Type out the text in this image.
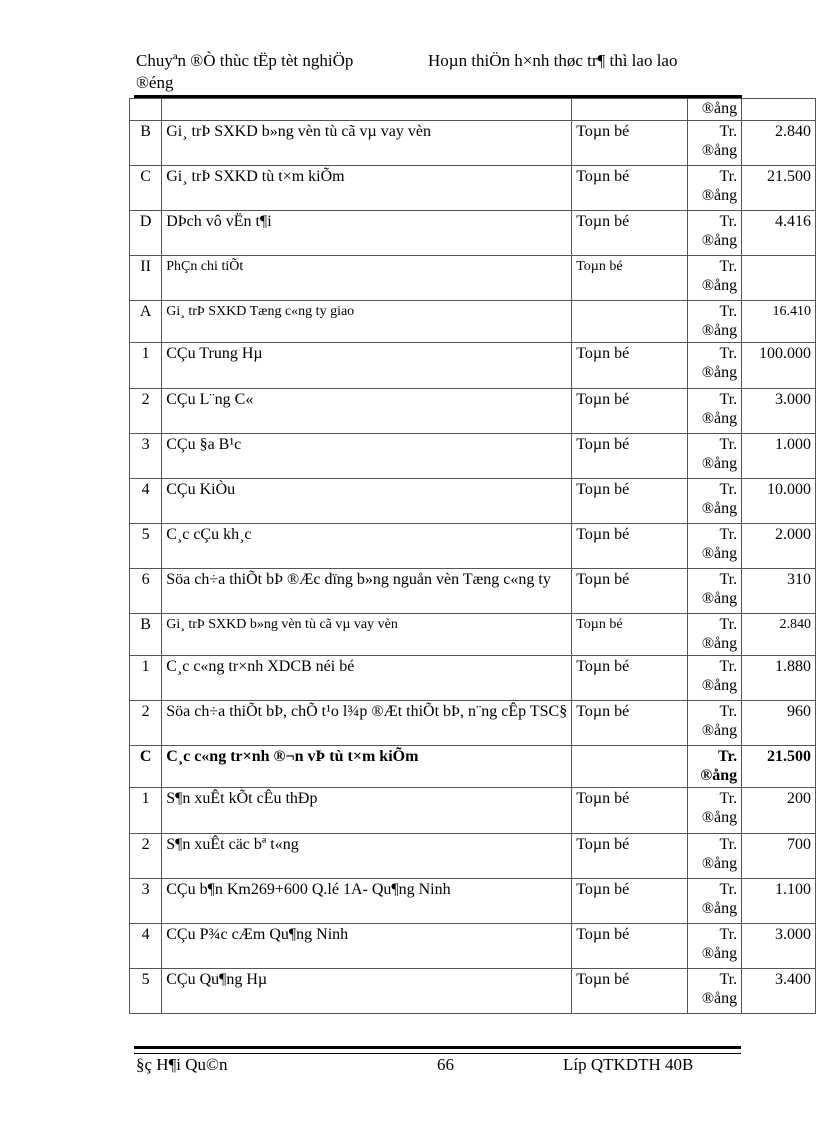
Chuyªn ®Ò thùc tËp tèt nghiÖp	Hoµn thiÖn h×nh thøc tr¶ thì lao lao

®éng

			®ång	

B	Gi¸ trÞ SXKD b»ng vèn tù cã vµ vay vèn	Toµn bé	Tr.
®ång	2.840
C	Gi¸ trÞ SXKD tù t×m kiÕm	Toµn bé	Tr.
®ång	21.500
D	DÞch vô vËn t¶i	Toµn bé	Tr.
®ång	4.416
II	PhÇn chi tiÕt	Toµn bé	Tr.
®ång	

A	Gi¸ trÞ SXKD Tæng c«ng ty giao		Tr.
®ång	16.410
1	CÇu Trung Hµ	Toµn bé	Tr.
®ång	100.000
2	CÇu L¨ng C«	Toµn bé	Tr.
®ång	3.000
3	CÇu §a B¹c	Toµn bé	Tr.
®ång	1.000
4	CÇu KiÒu	Toµn bé	Tr.
®ång	10.000
5	C¸c cÇu kh¸c	Toµn bé	Tr.
®ång	2.000
6	Söa ch÷a thiÕt bÞ ®Æc dïng b»ng nguån vèn Tæng c«ng ty	Toµn bé	Tr.
®ång	310
B	Gi¸ trÞ SXKD b»ng vèn tù cã vµ vay vèn	Toµn bé	Tr.
®ång	2.840
1	C¸c c«ng tr×nh XDCB néi bé	Toµn bé	Tr.
®ång	1.880
2	Söa ch÷a thiÕt bÞ, chÕ t¹o l¾p ®Æt thiÕt bÞ, n¨ng cÊp TSC§	Toµn bé	Tr.
®ång	960
C	C¸c c«ng tr×nh ®¬n vÞ tù t×m kiÕm		Tr.
®ång	21.500
1	S¶n xuÊt kÕt cÊu thÐp	Toµn bé	Tr.
®ång	200
2	S¶n xuÊt cäc bª t«ng	Toµn bé	Tr.
®ång	700
3	CÇu b¶n Km269+600 Q.lé 1A- Qu¶ng Ninh	Toµn bé	Tr.
®ång	1.100
4	CÇu P¾c cÆm Qu¶ng Ninh	Toµn bé	Tr.
®ång	3.000
5	CÇu Qu¶ng Hµ	Toµn bé	Tr.
®ång	3.400
§ç H¶i Qu©n	66	Líp QTKDTH 40B
